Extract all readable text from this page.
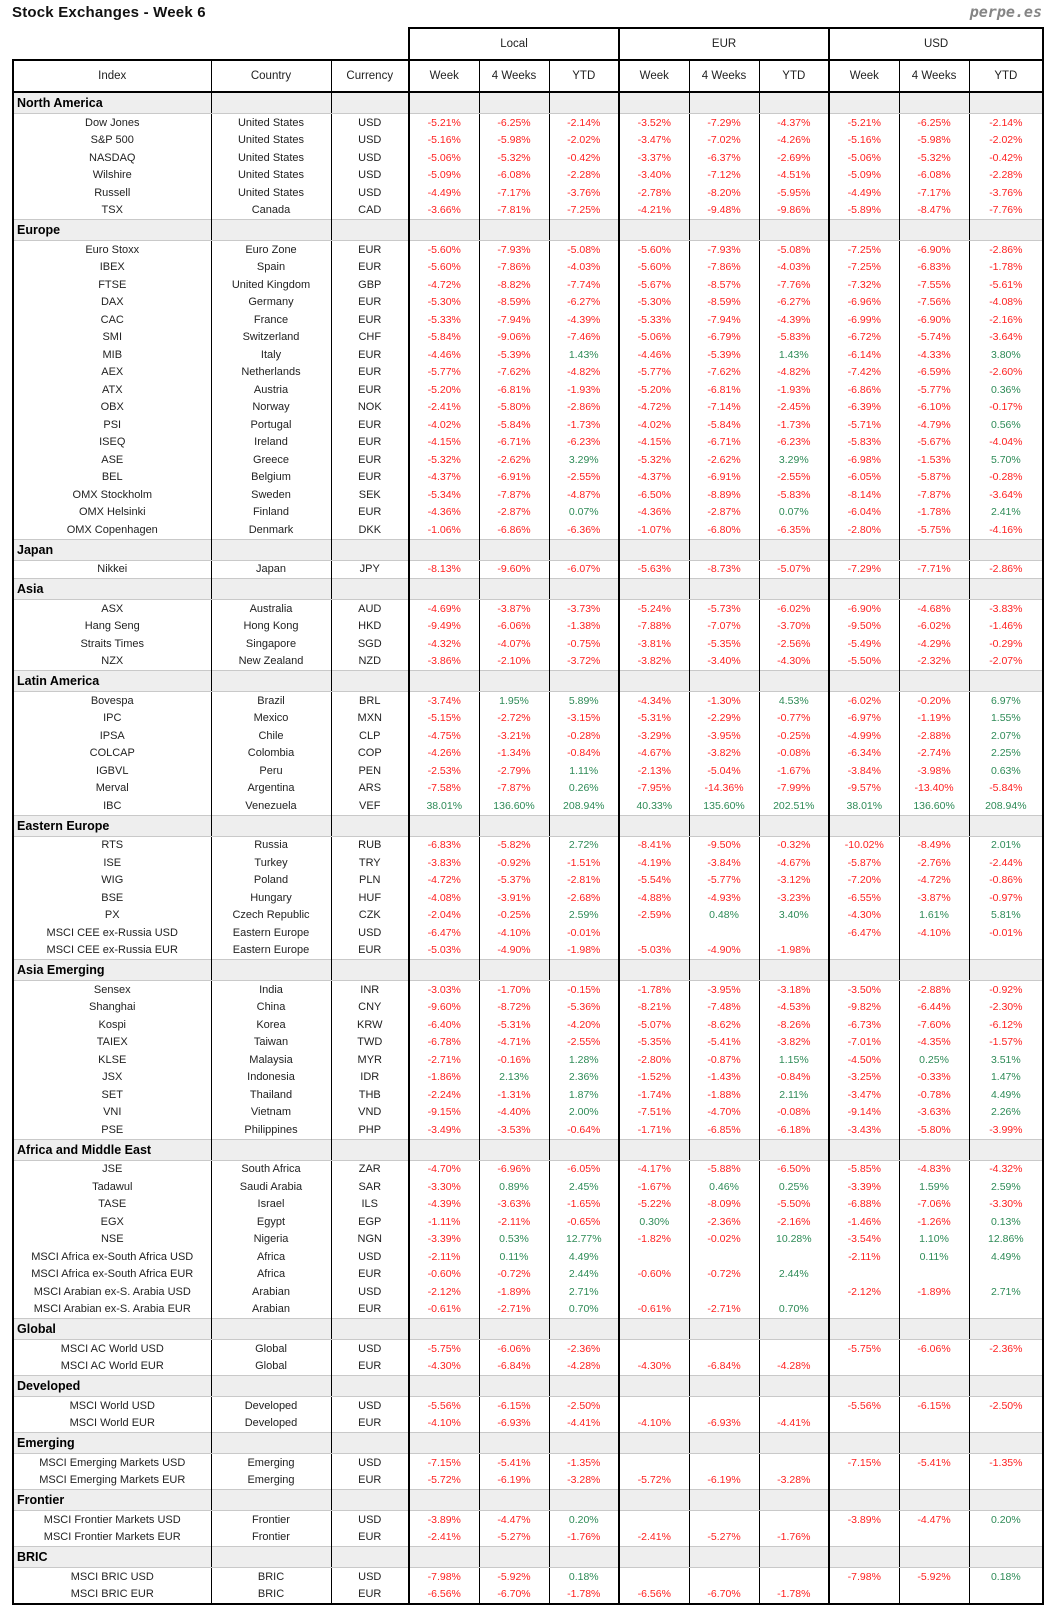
Stock Exchanges - Week 6	perpe.es
			Local			EUR			USD		
Index	Country	Currency	Week	4 Weeks	YTD	Week	4 Weeks	YTD	Week	4 Weeks	YTD
North America											
Dow Jones	United States	USD	-5.21%	-6.25%	-2.14%	-3.52%	-7.29%	-4.37%	-5.21%	-6.25%	-2.14%
S&P 500	United States	USD	-5.16%	-5.98%	-2.02%	-3.47%	-7.02%	-4.26%	-5.16%	-5.98%	-2.02%
NASDAQ	United States	USD	-5.06%	-5.32%	-0.42%	-3.37%	-6.37%	-2.69%	-5.06%	-5.32%	-0.42%
Wilshire	United States	USD	-5.09%	-6.08%	-2.28%	-3.40%	-7.12%	-4.51%	-5.09%	-6.08%	-2.28%
Russell	United States	USD	-4.49%	-7.17%	-3.76%	-2.78%	-8.20%	-5.95%	-4.49%	-7.17%	-3.76%
TSX	Canada	CAD	-3.66%	-7.81%	-7.25%	-4.21%	-9.48%	-9.86%	-5.89%	-8.47%	-7.76%
Europe											
Euro Stoxx	Euro Zone	EUR	-5.60%	-7.93%	-5.08%	-5.60%	-7.93%	-5.08%	-7.25%	-6.90%	-2.86%
IBEX	Spain	EUR	-5.60%	-7.86%	-4.03%	-5.60%	-7.86%	-4.03%	-7.25%	-6.83%	-1.78%
FTSE	United Kingdom	GBP	-4.72%	-8.82%	-7.74%	-5.67%	-8.57%	-7.76%	-7.32%	-7.55%	-5.61%
DAX	Germany	EUR	-5.30%	-8.59%	-6.27%	-5.30%	-8.59%	-6.27%	-6.96%	-7.56%	-4.08%
CAC	France	EUR	-5.33%	-7.94%	-4.39%	-5.33%	-7.94%	-4.39%	-6.99%	-6.90%	-2.16%
SMI	Switzerland	CHF	-5.84%	-9.06%	-7.46%	-5.06%	-6.79%	-5.83%	-6.72%	-5.74%	-3.64%
MIB	Italy	EUR	-4.46%	-5.39%	1.43%	-4.46%	-5.39%	1.43%	-6.14%	-4.33%	3.80%
AEX	Netherlands	EUR	-5.77%	-7.62%	-4.82%	-5.77%	-7.62%	-4.82%	-7.42%	-6.59%	-2.60%
ATX	Austria	EUR	-5.20%	-6.81%	-1.93%	-5.20%	-6.81%	-1.93%	-6.86%	-5.77%	0.36%
OBX	Norway	NOK	-2.41%	-5.80%	-2.86%	-4.72%	-7.14%	-2.45%	-6.39%	-6.10%	-0.17%
PSI	Portugal	EUR	-4.02%	-5.84%	-1.73%	-4.02%	-5.84%	-1.73%	-5.71%	-4.79%	0.56%
ISEQ	Ireland	EUR	-4.15%	-6.71%	-6.23%	-4.15%	-6.71%	-6.23%	-5.83%	-5.67%	-4.04%
ASE	Greece	EUR	-5.32%	-2.62%	3.29%	-5.32%	-2.62%	3.29%	-6.98%	-1.53%	5.70%
BEL	Belgium	EUR	-4.37%	-6.91%	-2.55%	-4.37%	-6.91%	-2.55%	-6.05%	-5.87%	-0.28%
OMX Stockholm	Sweden	SEK	-5.34%	-7.87%	-4.87%	-6.50%	-8.89%	-5.83%	-8.14%	-7.87%	-3.64%
OMX Helsinki	Finland	EUR	-4.36%	-2.87%	0.07%	-4.36%	-2.87%	0.07%	-6.04%	-1.78%	2.41%
OMX Copenhagen	Denmark	DKK	-1.06%	-6.86%	-6.36%	-1.07%	-6.80%	-6.35%	-2.80%	-5.75%	-4.16%
Japan											
Nikkei	Japan	JPY	-8.13%	-9.60%	-6.07%	-5.63%	-8.73%	-5.07%	-7.29%	-7.71%	-2.86%
Asia											
ASX	Australia	AUD	-4.69%	-3.87%	-3.73%	-5.24%	-5.73%	-6.02%	-6.90%	-4.68%	-3.83%
Hang Seng	Hong Kong	HKD	-9.49%	-6.06%	-1.38%	-7.88%	-7.07%	-3.70%	-9.50%	-6.02%	-1.46%
Straits Times	Singapore	SGD	-4.32%	-4.07%	-0.75%	-3.81%	-5.35%	-2.56%	-5.49%	-4.29%	-0.29%
NZX	New Zealand	NZD	-3.86%	-2.10%	-3.72%	-3.82%	-3.40%	-4.30%	-5.50%	-2.32%	-2.07%
Latin America											
Bovespa	Brazil	BRL	-3.74%	1.95%	5.89%	-4.34%	-1.30%	4.53%	-6.02%	-0.20%	6.97%
IPC	Mexico	MXN	-5.15%	-2.72%	-3.15%	-5.31%	-2.29%	-0.77%	-6.97%	-1.19%	1.55%
IPSA	Chile	CLP	-4.75%	-3.21%	-0.28%	-3.29%	-3.95%	-0.25%	-4.99%	-2.88%	2.07%
COLCAP	Colombia	COP	-4.26%	-1.34%	-0.84%	-4.67%	-3.82%	-0.08%	-6.34%	-2.74%	2.25%
IGBVL	Peru	PEN	-2.53%	-2.79%	1.11%	-2.13%	-5.04%	-1.67%	-3.84%	-3.98%	0.63%
Merval	Argentina	ARS	-7.58%	-7.87%	0.26%	-7.95%	-14.36%	-7.99%	-9.57%	-13.40%	-5.84%
IBC	Venezuela	VEF	38.01%	136.60%	208.94%	40.33%	135.60%	202.51%	38.01%	136.60%	208.94%
Eastern Europe											
RTS	Russia	RUB	-6.83%	-5.82%	2.72%	-8.41%	-9.50%	-0.32%	-10.02%	-8.49%	2.01%
ISE	Turkey	TRY	-3.83%	-0.92%	-1.51%	-4.19%	-3.84%	-4.67%	-5.87%	-2.76%	-2.44%
WIG	Poland	PLN	-4.72%	-5.37%	-2.81%	-5.54%	-5.77%	-3.12%	-7.20%	-4.72%	-0.86%
BSE	Hungary	HUF	-4.08%	-3.91%	-2.68%	-4.88%	-4.93%	-3.23%	-6.55%	-3.87%	-0.97%
PX	Czech Republic	CZK	-2.04%	-0.25%	2.59%	-2.59%	0.48%	3.40%	-4.30%	1.61%	5.81%
MSCI CEE ex-Russia USD	Eastern Europe	USD	-6.47%	-4.10%	-0.01%				-6.47%	-4.10%	-0.01%
MSCI CEE ex-Russia EUR	Eastern Europe	EUR	-5.03%	-4.90%	-1.98%	-5.03%	-4.90%	-1.98%			
Asia Emerging											
Sensex	India	INR	-3.03%	-1.70%	-0.15%	-1.78%	-3.95%	-3.18%	-3.50%	-2.88%	-0.92%
Shanghai	China	CNY	-9.60%	-8.72%	-5.36%	-8.21%	-7.48%	-4.53%	-9.82%	-6.44%	-2.30%
Kospi	Korea	KRW	-6.40%	-5.31%	-4.20%	-5.07%	-8.62%	-8.26%	-6.73%	-7.60%	-6.12%
TAIEX	Taiwan	TWD	-6.78%	-4.71%	-2.55%	-5.35%	-5.41%	-3.82%	-7.01%	-4.35%	-1.57%
KLSE	Malaysia	MYR	-2.71%	-0.16%	1.28%	-2.80%	-0.87%	1.15%	-4.50%	0.25%	3.51%
JSX	Indonesia	IDR	-1.86%	2.13%	2.36%	-1.52%	-1.43%	-0.84%	-3.25%	-0.33%	1.47%
SET	Thailand	THB	-2.24%	-1.31%	1.87%	-1.74%	-1.88%	2.11%	-3.47%	-0.78%	4.49%
VNI	Vietnam	VND	-9.15%	-4.40%	2.00%	-7.51%	-4.70%	-0.08%	-9.14%	-3.63%	2.26%
PSE	Philippines	PHP	-3.49%	-3.53%	-0.64%	-1.71%	-6.85%	-6.18%	-3.43%	-5.80%	-3.99%
Africa and Middle East											
JSE	South Africa	ZAR	-4.70%	-6.96%	-6.05%	-4.17%	-5.88%	-6.50%	-5.85%	-4.83%	-4.32%
Tadawul	Saudi Arabia	SAR	-3.30%	0.89%	2.45%	-1.67%	0.46%	0.25%	-3.39%	1.59%	2.59%
TASE	Israel	ILS	-4.39%	-3.63%	-1.65%	-5.22%	-8.09%	-5.50%	-6.88%	-7.06%	-3.30%
EGX	Egypt	EGP	-1.11%	-2.11%	-0.65%	0.30%	-2.36%	-2.16%	-1.46%	-1.26%	0.13%
NSE	Nigeria	NGN	-3.39%	0.53%	12.77%	-1.82%	-0.02%	10.28%	-3.54%	1.10%	12.86%
MSCI Africa ex-South Africa USD	Africa	USD	-2.11%	0.11%	4.49%				-2.11%	0.11%	4.49%
MSCI Africa ex-South Africa EUR	Africa	EUR	-0.60%	-0.72%	2.44%	-0.60%	-0.72%	2.44%			
MSCI Arabian ex-S. Arabia USD	Arabian	USD	-2.12%	-1.89%	2.71%				-2.12%	-1.89%	2.71%
MSCI Arabian ex-S. Arabia EUR	Arabian	EUR	-0.61%	-2.71%	0.70%	-0.61%	-2.71%	0.70%			
Global											
MSCI AC World USD	Global	USD	-5.75%	-6.06%	-2.36%				-5.75%	-6.06%	-2.36%
MSCI AC World EUR	Global	EUR	-4.30%	-6.84%	-4.28%	-4.30%	-6.84%	-4.28%			
Developed											
MSCI World USD	Developed	USD	-5.56%	-6.15%	-2.50%				-5.56%	-6.15%	-2.50%
MSCI World EUR	Developed	EUR	-4.10%	-6.93%	-4.41%	-4.10%	-6.93%	-4.41%			
Emerging											
MSCI Emerging Markets USD	Emerging	USD	-7.15%	-5.41%	-1.35%				-7.15%	-5.41%	-1.35%
MSCI Emerging Markets EUR	Emerging	EUR	-5.72%	-6.19%	-3.28%	-5.72%	-6.19%	-3.28%			
Frontier											
MSCI Frontier Markets USD	Frontier	USD	-3.89%	-4.47%	0.20%				-3.89%	-4.47%	0.20%
MSCI Frontier Markets EUR	Frontier	EUR	-2.41%	-5.27%	-1.76%	-2.41%	-5.27%	-1.76%			
BRIC											
MSCI BRIC USD	BRIC	USD	-7.98%	-5.92%	0.18%				-7.98%	-5.92%	0.18%
MSCI BRIC EUR	BRIC	EUR	-6.56%	-6.70%	-1.78%	-6.56%	-6.70%	-1.78%			
